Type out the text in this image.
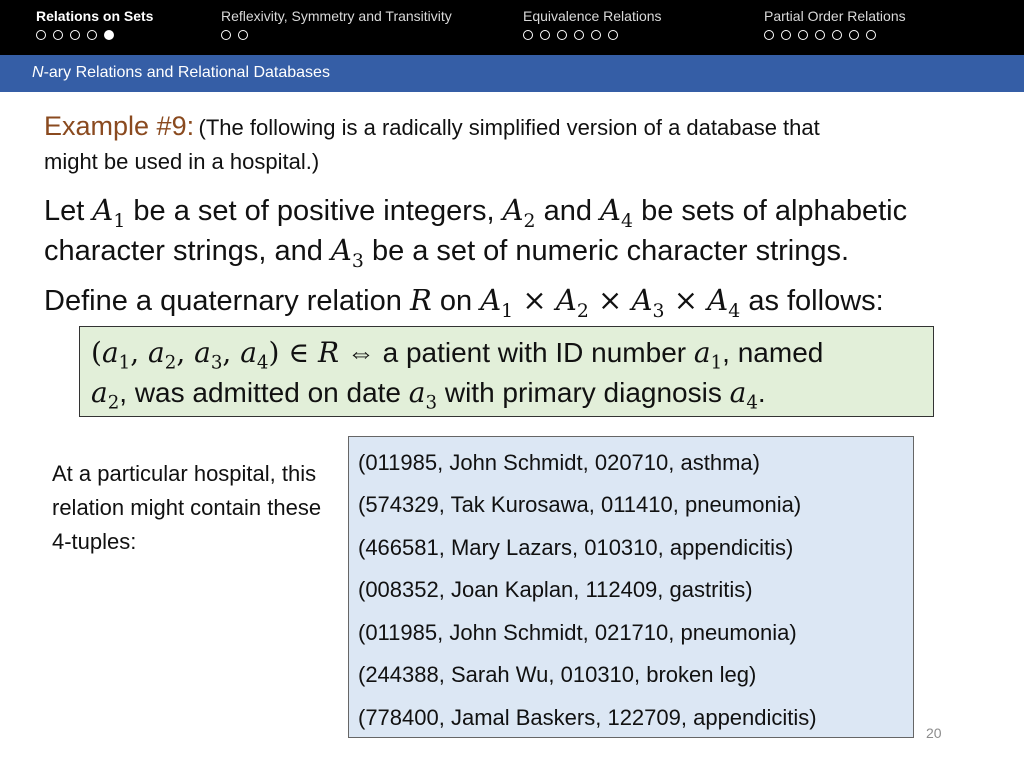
Relations on Sets	Reflexivity, Symmetry and Transitivity	Equivalence Relations	Partial Order Relations
N-ary Relations and Relational Databases
Example #9: (The following is a radically simplified version of a database that
might be used in a hospital.)
Let $A_1$ be a set of positive integers, $A_2$ and $A_4$ be sets of alphabetic
character strings, and $A_3$ be a set of numeric character strings.
Define a quaternary relation R on $A_1 \times A_2 \times A_3 \times A_4$ as follows:
($a_1$, $a_2$, $a_3$, $a_4$) ∈ R ⇔ a patient with ID number $a_1$, named
$a_2$, was admitted on date $a_3$ with primary diagnosis $a_4$.
At a particular hospital, this relation might contain these 4-tuples:
(011985, John Schmidt, 020710, asthma)
(574329, Tak Kurosawa, 011410, pneumonia)
(466581, Mary Lazars, 010310, appendicitis)
(008352, Joan Kaplan, 112409, gastritis)
(011985, John Schmidt, 021710, pneumonia)
(244388, Sarah Wu, 010310, broken leg)
(778400, Jamal Baskers, 122709, appendicitis)
20
